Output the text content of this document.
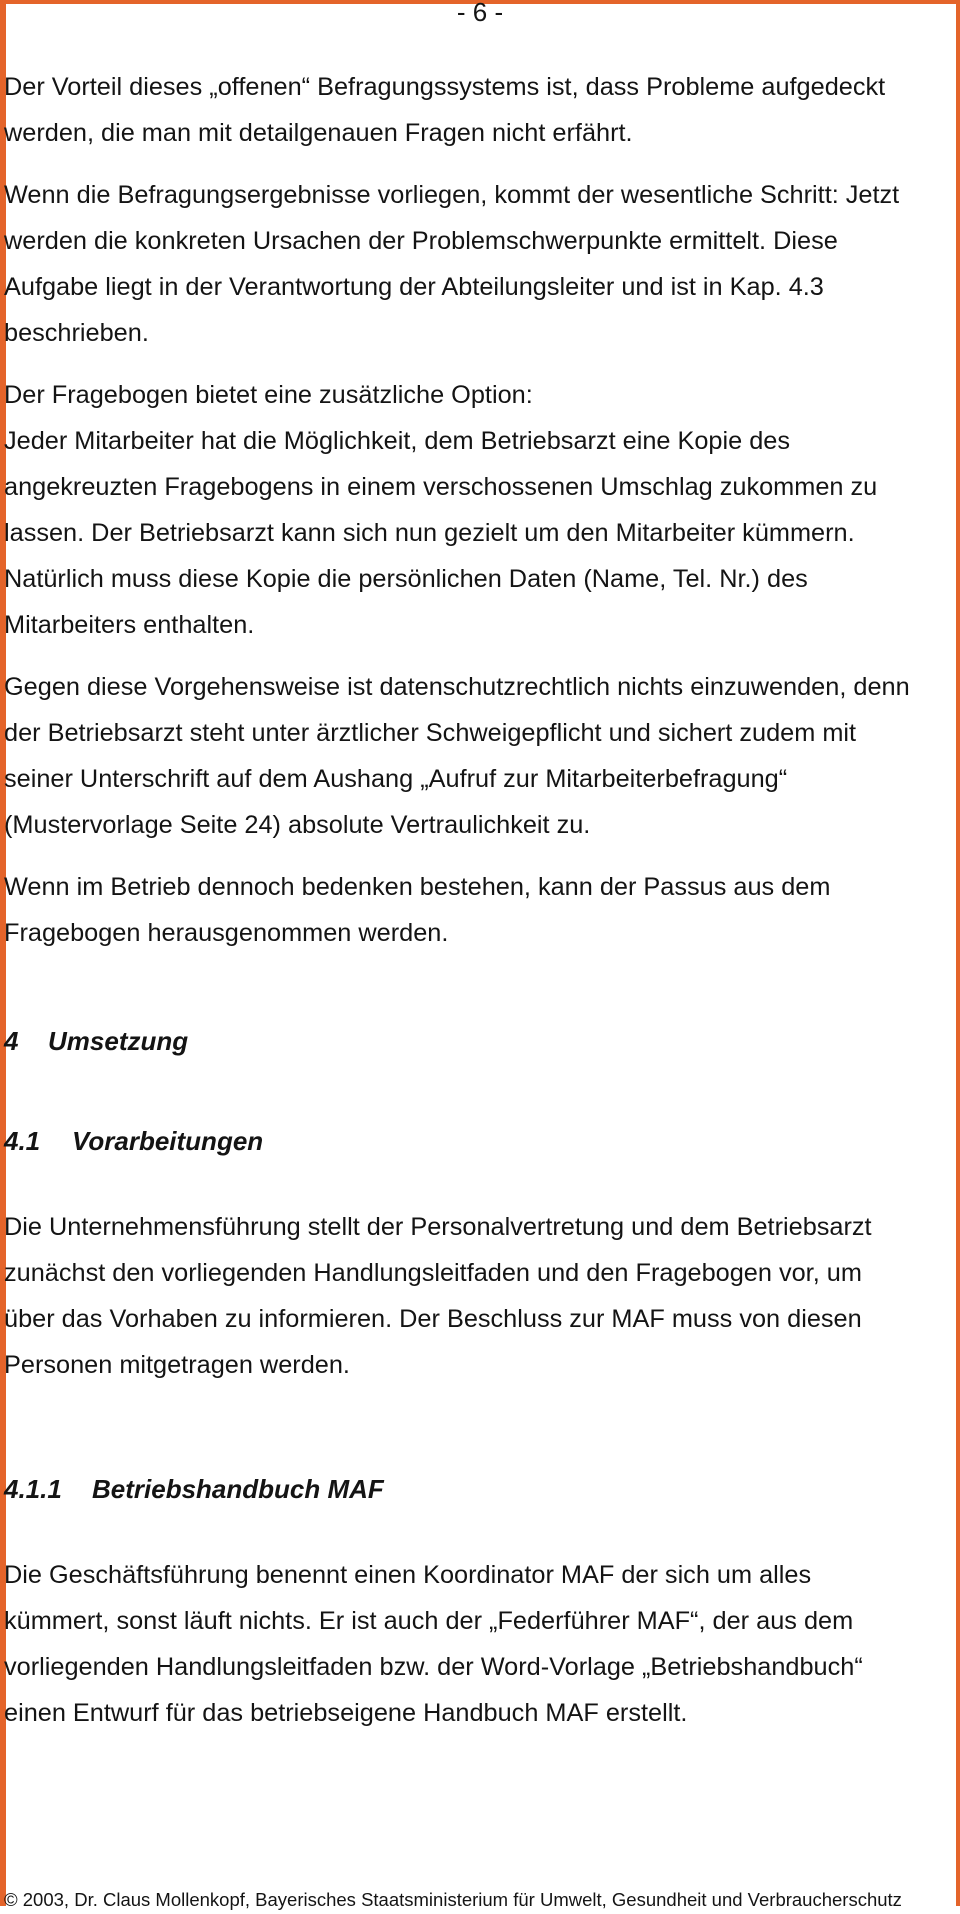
- 6 -

Der Vorteil dieses „offenen“ Befragungssystems ist, dass Probleme aufgedeckt
werden, die man mit detailgenauen Fragen nicht erfährt.

Wenn die Befragungsergebnisse vorliegen, kommt der wesentliche Schritt: Jetzt
werden die konkreten Ursachen der Problemschwerpunkte ermittelt. Diese
Aufgabe liegt in der Verantwortung der Abteilungsleiter und ist in Kap. 4.3
beschrieben.

Der Fragebogen bietet eine zusätzliche Option:
Jeder Mitarbeiter hat die Möglichkeit, dem Betriebsarzt eine Kopie des
angekreuzten Fragebogens in einem verschossenen Umschlag zukommen zu
lassen. Der Betriebsarzt kann sich nun gezielt um den Mitarbeiter kümmern.
Natürlich muss diese Kopie die persönlichen Daten (Name, Tel. Nr.) des
Mitarbeiters enthalten.

Gegen diese Vorgehensweise ist datenschutzrechtlich nichts einzuwenden, denn
der Betriebsarzt steht unter ärztlicher Schweigepflicht und sichert zudem mit
seiner Unterschrift auf dem Aushang „Aufruf zur Mitarbeiterbefragung“
(Mustervorlage Seite 24) absolute Vertraulichkeit zu.

Wenn im Betrieb dennoch bedenken bestehen, kann der Passus aus dem
Fragebogen herausgenommen werden.

4 Umsetzung
4.1 Vorarbeitungen

Die Unternehmensführung stellt der Personalvertretung und dem Betriebsarzt
zunächst den vorliegenden Handlungsleitfaden und den Fragebogen vor, um
über das Vorhaben zu informieren. Der Beschluss zur MAF muss von diesen
Personen mitgetragen werden.

4.1.1 Betriebshandbuch MAF

Die Geschäftsführung benennt einen Koordinator MAF der sich um alles
kümmert, sonst läuft nichts. Er ist auch der „Federführer MAF“, der aus dem
vorliegenden Handlungsleitfaden bzw. der Word-Vorlage „Betriebshandbuch“
einen Entwurf für das betriebseigene Handbuch MAF erstellt.

© 2003, Dr. Claus Mollenkopf, Bayerisches Staatsministerium für Umwelt, Gesundheit und Verbraucherschutz
